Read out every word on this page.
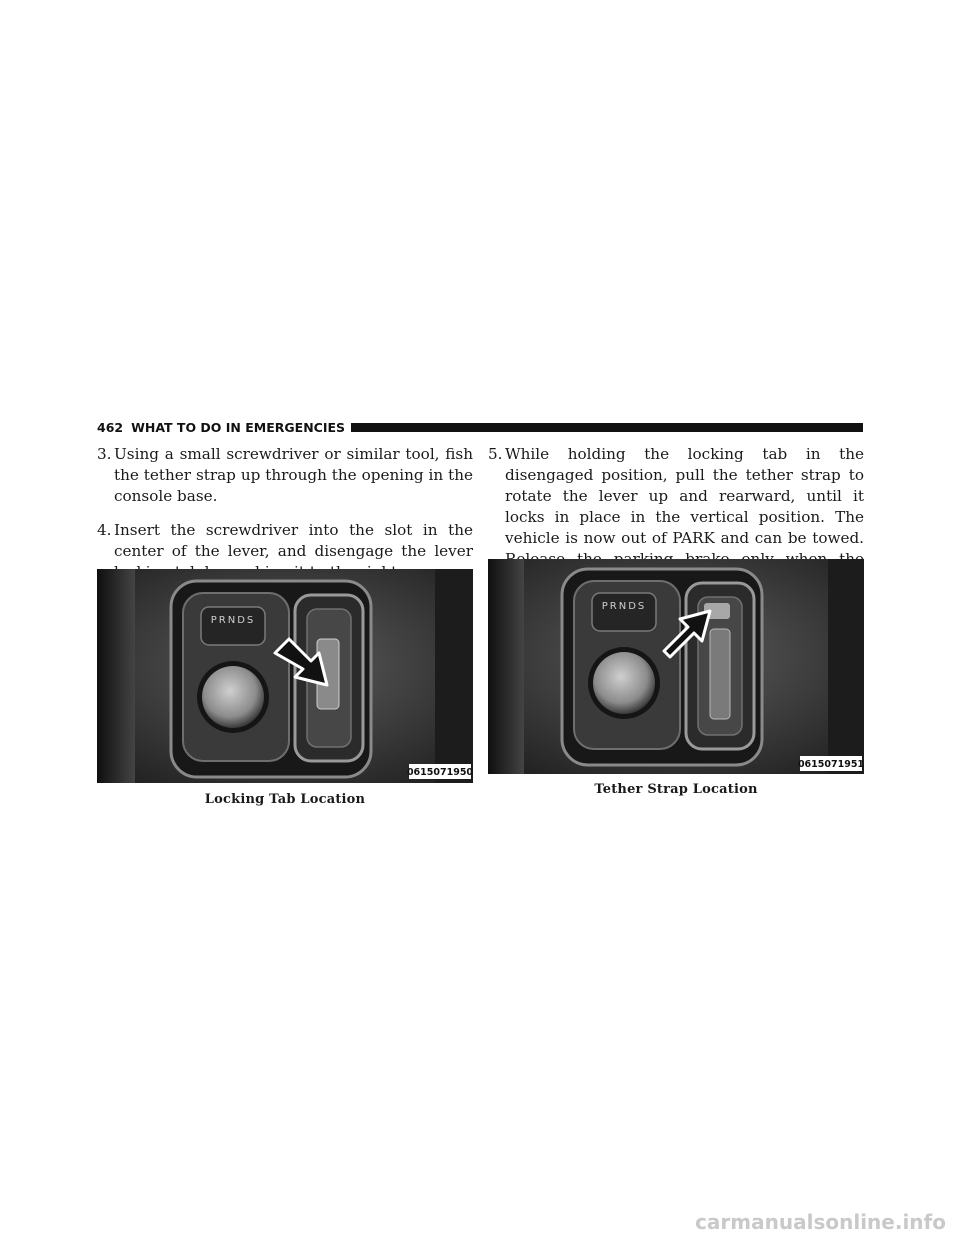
462 WHAT TO DO IN EMERGENCIES

3. Using a small screwdriver or similar tool, fish the tether strap up through the opening in the console base.

4. Insert the screwdriver into the slot in the center of the lever, and disengage the lever

5. While holding the locking tab in the disengaged position, pull the tether strap to rotate the lever up and rearward, until it locks in place in the vertical position. The vehicle is now out of PARK and can be towed.

PRNDS
0615071950
Locking Tab Location
PRNDS
0615071951
Tether Strap Location
carmanualsonline.info
